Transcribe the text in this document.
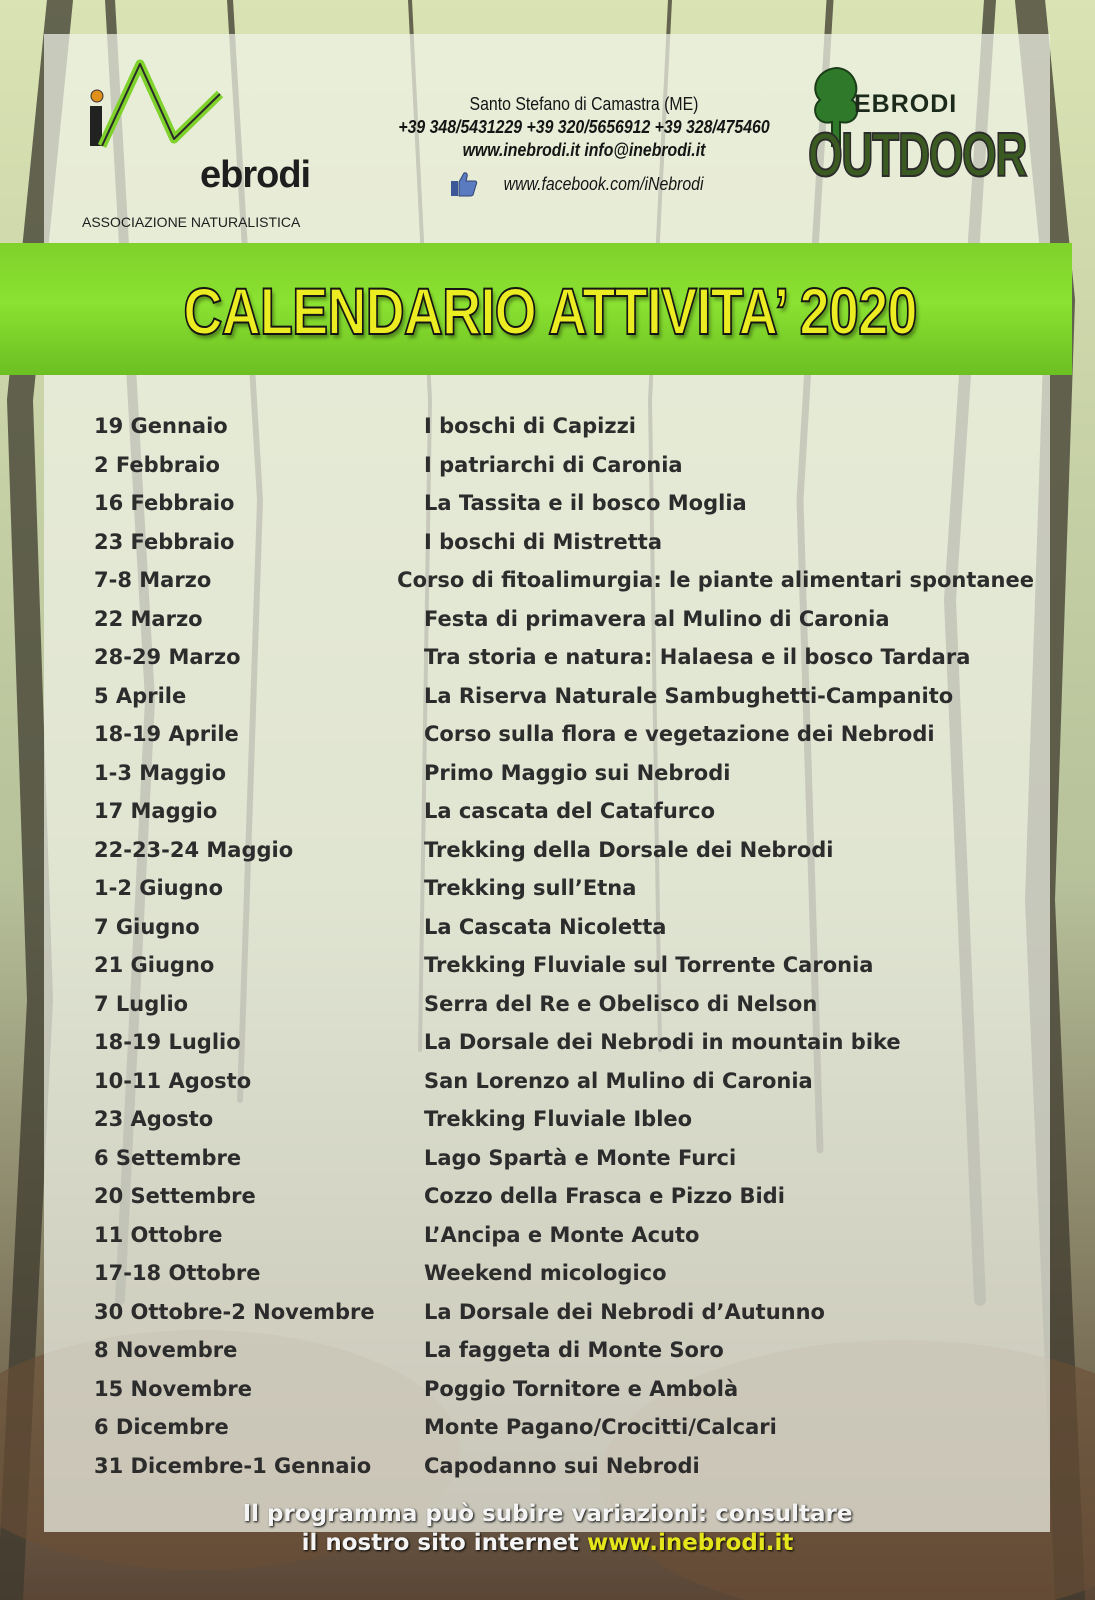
ebrodi
ASSOCIAZIONE NATURALISTICA
Santo Stefano di Camastra (ME)
+39 348/5431229 +39 320/5656912 +39 328/475460
www.inebrodi.it info@inebrodi.it
www.facebook.com/iNebrodi
EBRODI
OUTDOOR
CALENDARIO ATTIVITA’ 2020
19 Gennaio	I boschi di Capizzi
2 Febbraio	I patriarchi di Caronia
16 Febbraio	La Tassita e il bosco Moglia
23 Febbraio	I boschi di Mistretta
7-8 Marzo	Corso di fitoalimurgia: le piante alimentari spontanee
22 Marzo	Festa di primavera al Mulino di Caronia
28-29 Marzo	Tra storia e natura: Halaesa e il bosco Tardara
5 Aprile	La Riserva Naturale Sambughetti-Campanito
18-19 Aprile	Corso sulla flora e vegetazione dei Nebrodi
1-3 Maggio	Primo Maggio sui Nebrodi
17 Maggio	La cascata del Catafurco
22-23-24 Maggio	Trekking della Dorsale dei Nebrodi
1-2 Giugno	Trekking sull’Etna
7 Giugno	La Cascata Nicoletta
21 Giugno	Trekking Fluviale sul Torrente Caronia
7 Luglio	Serra del Re e Obelisco di Nelson
18-19 Luglio	La Dorsale dei Nebrodi in mountain bike
10-11 Agosto	San Lorenzo al Mulino di Caronia
23 Agosto	Trekking Fluviale Ibleo
6 Settembre	Lago Spartà e Monte Furci
20 Settembre	Cozzo della Frasca e Pizzo Bidi
11 Ottobre	L’Ancipa e Monte Acuto
17-18 Ottobre	Weekend micologico
30 Ottobre-2 Novembre	La Dorsale dei Nebrodi d’Autunno
8 Novembre	La faggeta di Monte Soro
15 Novembre	Poggio Tornitore e Ambolà
6 Dicembre	Monte Pagano/Crocitti/Calcari
31 Dicembre-1 Gennaio	Capodanno sui Nebrodi
Il programma può subire variazioni: consultare
il nostro sito internet www.inebrodi.it
